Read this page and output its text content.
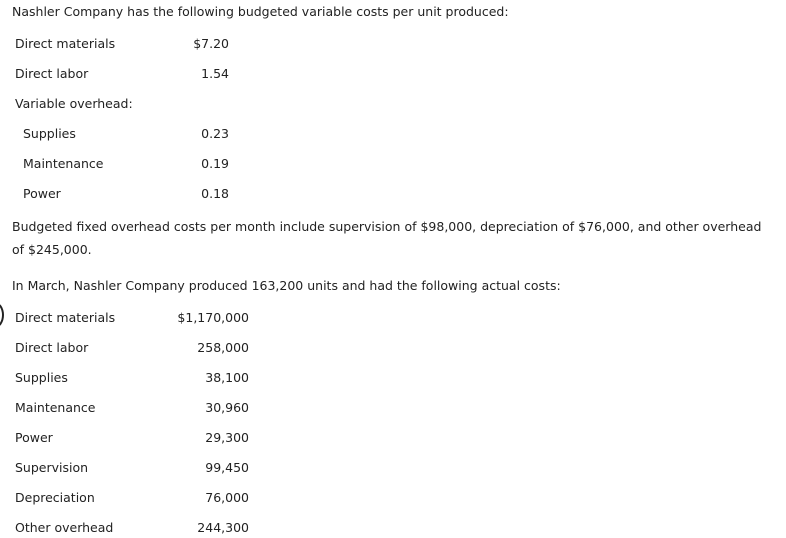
Nashler Company has the following budgeted variable costs per unit produced:
Direct materials	$7.20
Direct labor	1.54
Variable overhead:
Supplies	0.23
Maintenance	0.19
Power	0.18
Budgeted fixed overhead costs per month include supervision of $98,000, depreciation of $76,000, and other overhead of $245,000.
In March, Nashler Company produced 163,200 units and had the following actual costs:
Direct materials	$1,170,000
Direct labor	258,000
Supplies	38,100
Maintenance	30,960
Power	29,300
Supervision	99,450
Depreciation	76,000
Other overhead	244,300
